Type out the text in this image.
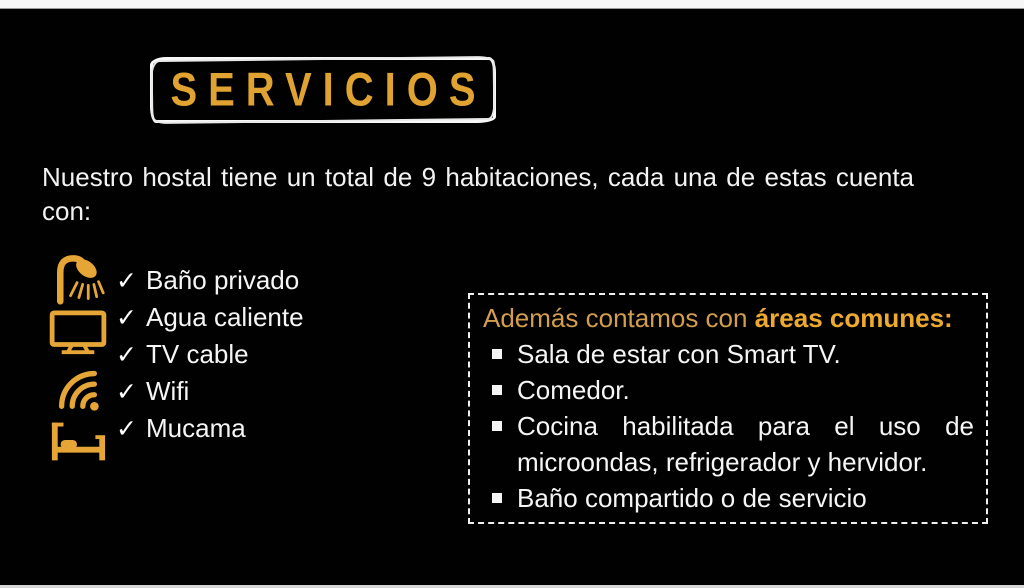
SERVICIOS
Nuestro hostal tiene un total de 9 habitaciones, cada una de estas cuenta con:
✓ Baño privado
✓ Agua caliente
✓ TV cable
✓ Wifi
✓ Mucama
Además contamos con áreas comunes:
Sala de estar con Smart TV.
Comedor.
Cocina habilitada para el uso de microondas, refrigerador y hervidor.
Baño compartido o de servicio
